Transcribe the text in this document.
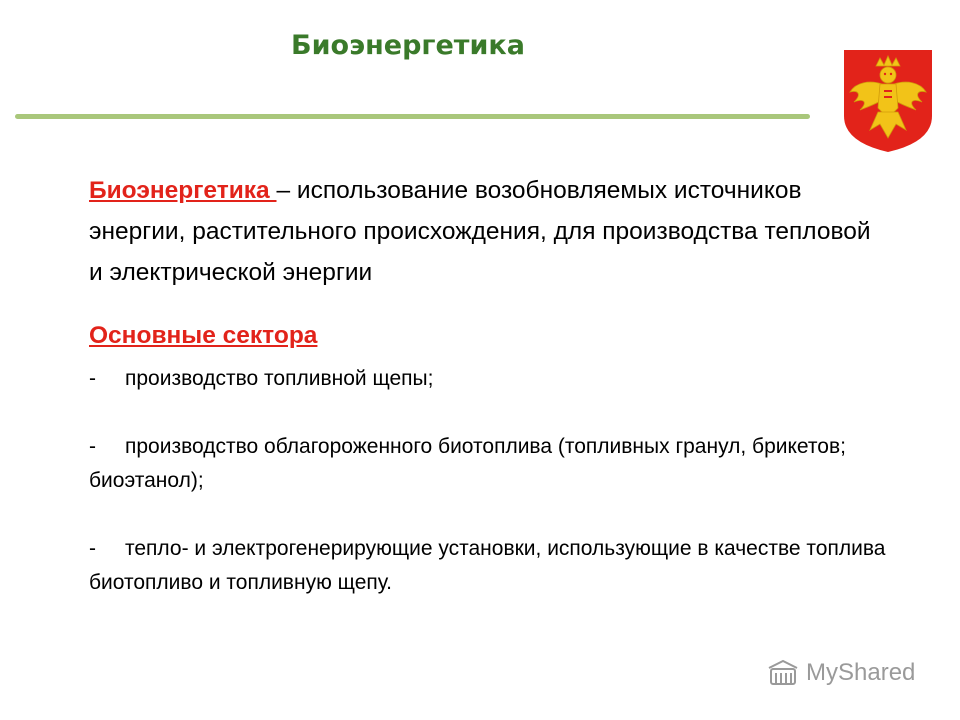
Биоэнергетика

Биоэнергетика – использование возобновляемых источников энергии, растительного происхождения, для производства тепловой и электрической энергии

Основные сектора

- производство топливной щепы;
- производство облагороженного биотоплива (топливных гранул, брикетов; биоэтанол);
- тепло- и электрогенерирующие установки, использующие в качестве топлива биотопливо и топливную щепу.
MyShared
